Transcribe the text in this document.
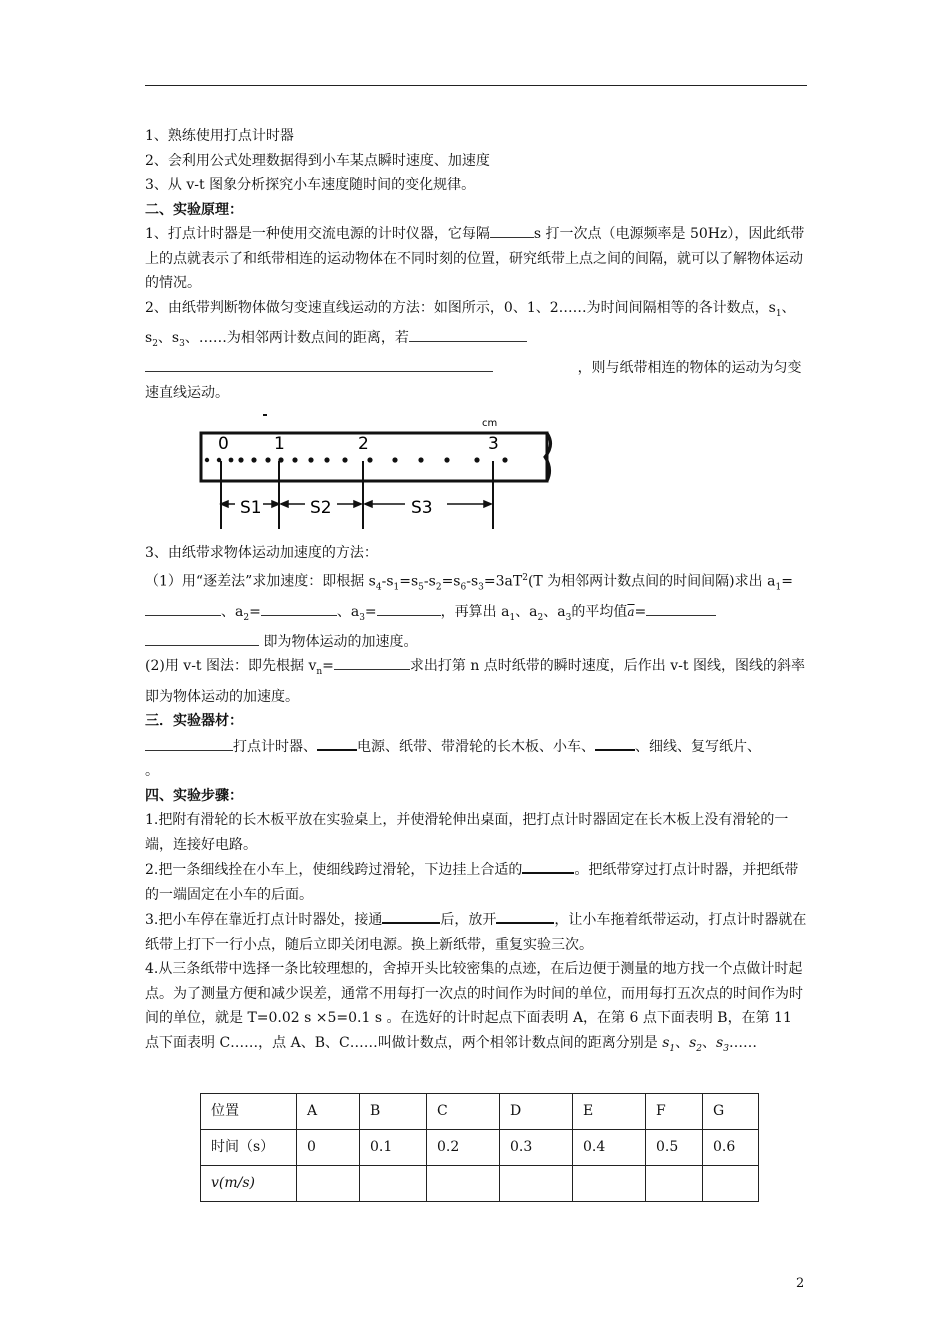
1、熟练使用打点计时器

2、会利用公式处理数据得到小车某点瞬时速度、加速度

3、从 v-t 图象分析探究小车速度随时间的变化规律。

二、实验原理：

1、打点计时器是一种使用交流电源的计时仪器，它每隔	s 打一次点（电源频率是 50Hz），因此纸带上的点就表示了和纸带相连的运动物体在不同时刻的位置，研究纸带上点之间的间隔，就可以了解物体运动的情况。

2、由纸带判断物体做匀变速直线运动的方法：如图所示，0、1、2……为时间间隔相等的各计数点，$s_1$、$s_2$、$s_3$、……为相邻两计数点间的距离，若
，则与纸带相连的物体的运动为匀变速直线运动。

0	1	2	3
cm
S1	S2	S3

3、由纸带求物体运动加速度的方法：

（1）用“逐差法”求加速度：即根据 $s_4-s_1=s_5-s_2=s_6-s_3=3aT^2(T$ 为相邻两计数点间的时间间隔)求出 $a_1=$、$a_2=$	、$a_3=$	，再算出 $a_1$、$a_2$、$a_3$的平均值$\overline{a}=$
即为物体运动的加速度。

(2)用 v-t 图法：即先根据 $v_n=$	求出打第 n 点时纸带的瞬时速度，后作出 v-t 图线，图线的斜率即为物体运动的加速度。

三．实验器材：

打点计时器、	电源、纸带、带滑轮的长木板、小车、	、细线、复写纸片、
。

四、实验步骤：

1.把附有滑轮的长木板平放在实验桌上，并使滑轮伸出桌面，把打点计时器固定在长木板上没有滑轮的一端，连接好电路。

2.把一条细线拴在小车上，使细线跨过滑轮，下边挂上合适的	。把纸带穿过打点计时器，并把纸带的一端固定在小车的后面。

3.把小车停在靠近打点计时器处，接通	后，放开	，让小车拖着纸带运动，打点计时器就在纸带上打下一行小点，随后立即关闭电源。换上新纸带，重复实验三次。

4.从三条纸带中选择一条比较理想的，舍掉开头比较密集的点迹，在后边便于测量的地方找一个点做计时起点。为了测量方便和减少误差，通常不用每打一次点的时间作为时间的单位，而用每打五次点的时间作为时间的单位，就是 T=0.02 s ×5=0.1 s 。在选好的计时起点下面表明 A，在第 6 点下面表明 B，在第 11 点下面表明 C……，点 A、B、C……叫做计数点，两个相邻计数点间的距离分别是 $s_1$、$s_2$、$s_3\dots\dots$

位置	A	B	C	D	E	F	G
时间（s）	0	0.1	0.2	0.3	0.4	0.5	0.6
v(m/s)							
2
